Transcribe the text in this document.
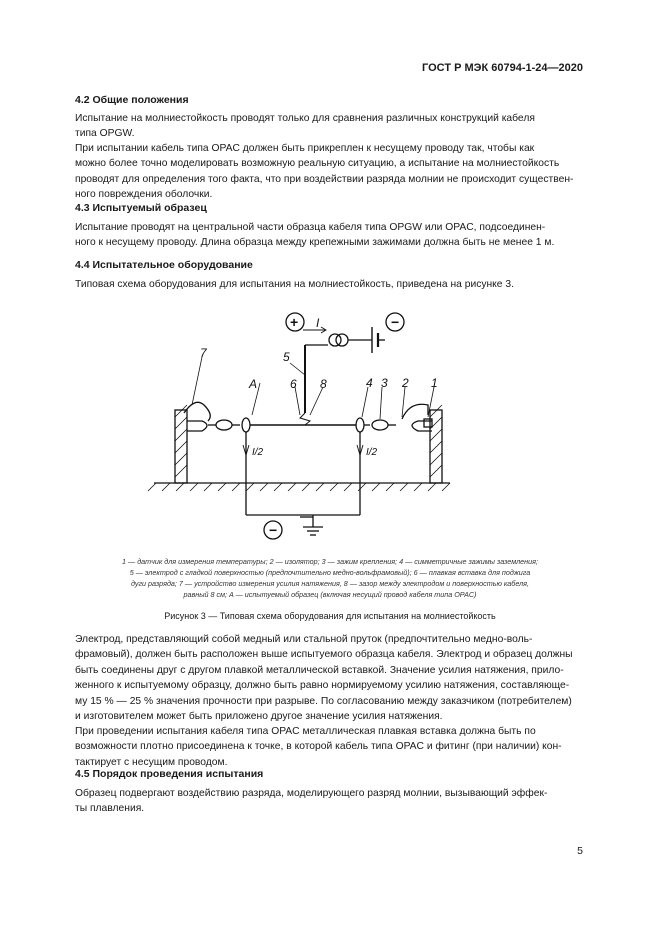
ГОСТ Р МЭК 60794-1-24—2020
4.2 Общие положения
Испытание на молниестойкость проводят только для сравнения различных конструкций кабеля
типа OPGW.
При испытании кабель типа OPAC должен быть прикреплен к несущему проводу так, чтобы как
можно более точно моделировать возможную реальную ситуацию, а испытание на молниестойкость
проводят для определения того факта, что при воздействии разряда молнии не происходит существен-
ного повреждения оболочки.
4.3 Испытуемый образец
Испытание проводят на центральной части образца кабеля типа OPGW или OPAC, подсоединен-
ного к несущему проводу. Длина образца между крепежными зажимами должна быть не менее 1 м.
4.4 Испытательное оборудование
Типовая схема оборудования для испытания на молниестойкость, приведена на рисунке 3.
+	−
−
I
5
A	6 8
7
4 3 2 1
I/2	I/2
1 — датчик для измерения температуры; 2 — изолятор; 3 — зажим крепления; 4 — симметричные зажимы заземления;
5 — электрод с гладкой поверхностью (предпочтительно медно-вольфрамовый); 6 — плавкая вставка для поджига
дуги разряда; 7 — устройство измерения усилия натяжения, 8 — зазор между электродом и поверхностью кабеля,
равный 8 см; A — испытуемый образец (включая несущий провод кабеля типа OPAC)
Рисунок 3 — Типовая схема оборудования для испытания на молниестойкость
Электрод, представляющий собой медный или стальной пруток (предпочтительно медно-воль-
фрамовый), должен быть расположен выше испытуемого образца кабеля. Электрод и образец должны
быть соединены друг с другом плавкой металлической вставкой. Значение усилия натяжения, прило-
женного к испытуемому образцу, должно быть равно нормируемому усилию натяжения, составляюще-
му 15 % — 25 % значения прочности при разрыве. По согласованию между заказчиком (потребителем)
и изготовителем может быть приложено другое значение усилия натяжения.
При проведении испытания кабеля типа OPAC металлическая плавкая вставка должна быть по
возможности плотно присоединена к точке, в которой кабель типа OPAC и фитинг (при наличии) кон-
тактирует с несущим проводом.
4.5 Порядок проведения испытания
Образец подвергают воздействию разряда, моделирующего разряд молнии, вызывающий эффек-
ты плавления.
5
